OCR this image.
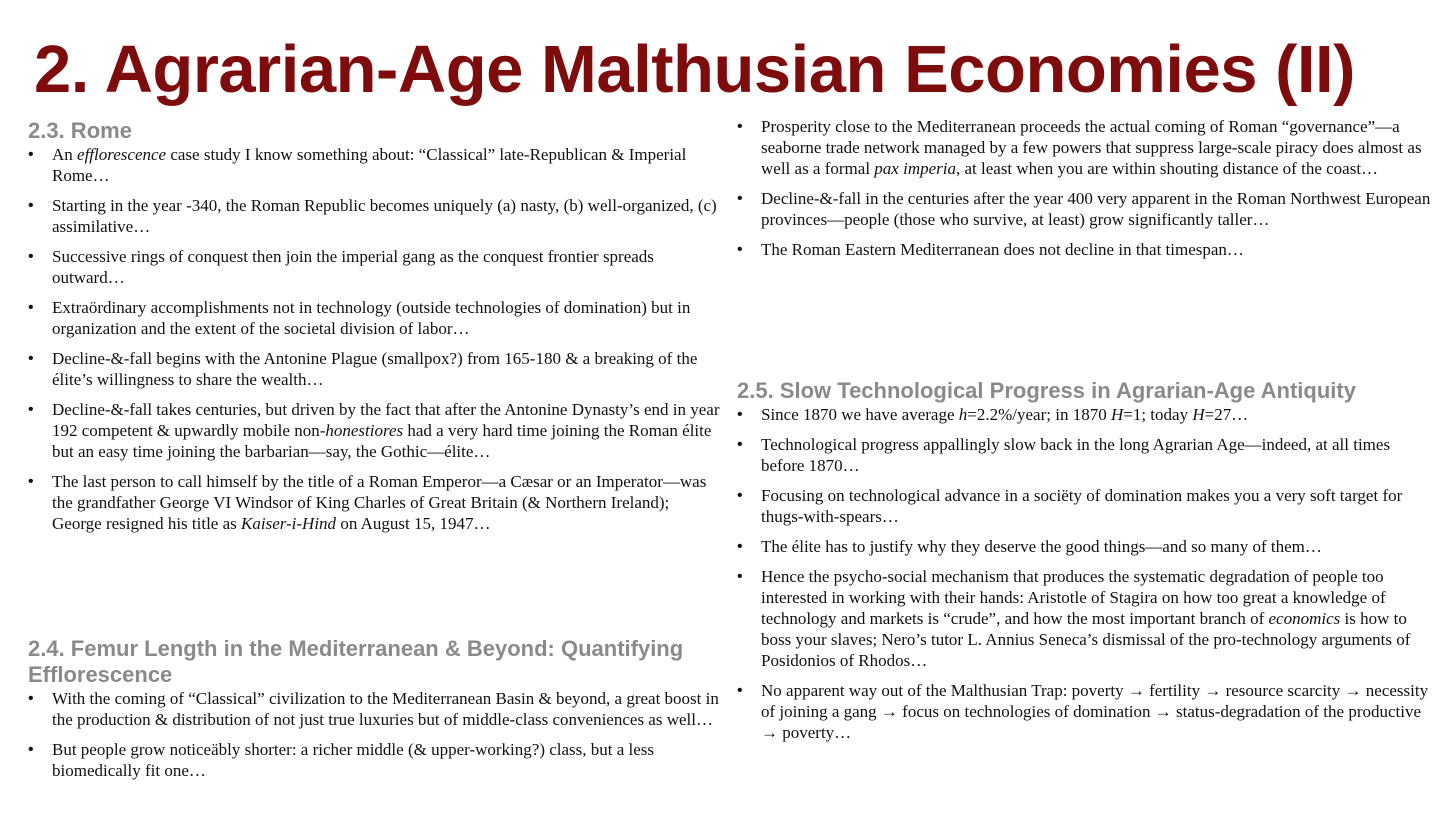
2. Agrarian-Age Malthusian Economies (II)
2.3. Rome
• An efflorescence case study I know something about: “Classical” late-Republican & Imperial Rome…
• Starting in the year -340, the Roman Republic becomes uniquely (a) nasty, (b) well-organized, (c) assimilative…
• Successive rings of conquest then join the imperial gang as the conquest frontier spreads outward…
• Extraördinary accomplishments not in technology (outside technologies of domination) but in organization and the extent of the societal division of labor…
• Decline-&-fall begins with the Antonine Plague (smallpox?) from 165-180 & a breaking of the élite’s willingness to share the wealth…
• Decline-&-fall takes centuries, but driven by the fact that after the Antonine Dynasty’s end in year 192 competent & upwardly mobile non-honestiores had a very hard time joining the Roman élite but an easy time joining the barbarian—say, the Gothic—élite…
• The last person to call himself by the title of a Roman Emperor—a Cæsar or an Imperator—was the grandfather George VI Windsor of King Charles of Great Britain (& Northern Ireland); George resigned his title as Kaiser-i-Hind on August 15, 1947…
2.4. Femur Length in the Mediterranean & Beyond: Quantifying Efflorescence
• With the coming of “Classical” civilization to the Mediterranean Basin & beyond, a great boost in the production & distribution of not just true luxuries but of middle-class conveniences as well…
• But people grow noticeäbly shorter: a richer middle (& upper-working?) class, but a less biomedically fit one…
• Prosperity close to the Mediterranean proceeds the actual coming of Roman “governance”—a seaborne trade network managed by a few powers that suppress large-scale piracy does almost as well as a formal pax imperia, at least when you are within shouting distance of the coast…
• Decline-&-fall in the centuries after the year 400 very apparent in the Roman Northwest European provinces—people (those who survive, at least) grow significantly taller…
• The Roman Eastern Mediterranean does not decline in that timespan…
2.5. Slow Technological Progress in Agrarian-Age Antiquity
• Since 1870 we have average h=2.2%/year; in 1870 H=1; today H=27…
• Technological progress appallingly slow back in the long Agrarian Age—indeed, at all times before 1870…
• Focusing on technological advance in a sociëty of domination makes you a very soft target for thugs-with-spears…
• The élite has to justify why they deserve the good things—and so many of them…
• Hence the psycho-social mechanism that produces the systematic degradation of people too interested in working with their hands: Aristotle of Stagira on how too great a knowledge of technology and markets is “crude”, and how the most important branch of economics is how to boss your slaves; Nero’s tutor L. Annius Seneca’s dismissal of the pro-technology arguments of Posidonios of Rhodos…
• No apparent way out of the Malthusian Trap: poverty → fertility → resource scarcity → necessity of joining a gang → focus on technologies of domination → status-degradation of the productive → poverty…
